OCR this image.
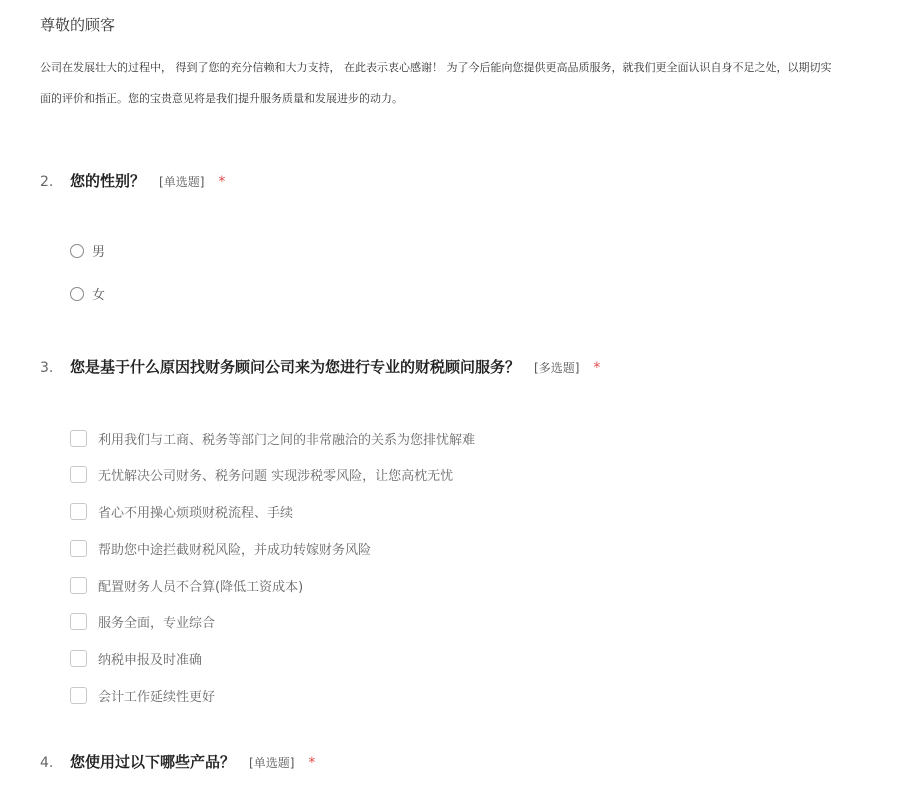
尊敬的顾客
公司在发展壮大的过程中， 得到了您的充分信赖和大力支持， 在此表示衷心感谢！ 为了今后能向您提供更高品质服务，就我们更全面认识自身不足之处，以期切实
面的评价和指正。您的宝贵意见将是我们提升服务质量和发展进步的动力。
2.	您的性别？ [单选题] *
男
女
3.	您是基于什么原因找财务顾问公司来为您进行专业的财税顾问服务？ [多选题] *
利用我们与工商、税务等部门之间的非常融洽的关系为您排忧解难
无忧解决公司财务、税务问题 实现涉税零风险，让您高枕无忧
省心不用操心烦琐财税流程、手续
帮助您中途拦截财税风险，并成功转嫁财务风险
配置财务人员不合算(降低工资成本)
服务全面，专业综合
纳税申报及时准确
会计工作延续性更好
4.	您使用过以下哪些产品？ [单选题] *
